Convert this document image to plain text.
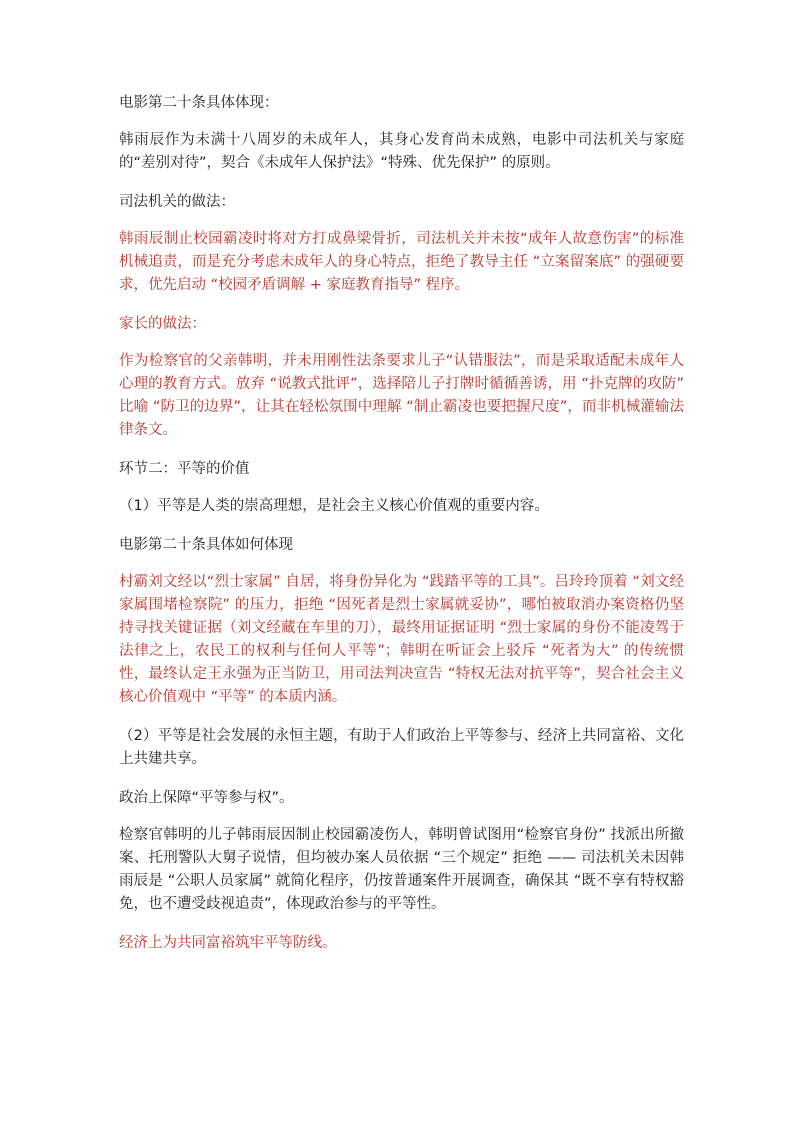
电影第二十条具体体现：

韩雨辰作为未满十八周岁的未成年人，其身心发育尚未成熟，电影中司法机关与家庭的“差别对待”，契合《未成年人保护法》“特殊、优先保护” 的原则。

司法机关的做法：

韩雨辰制止校园霸凌时将对方打成鼻梁骨折，司法机关并未按“成年人故意伤害”的标准机械追责，而是充分考虑未成年人的身心特点，拒绝了教导主任 “立案留案底” 的强硬要求，优先启动 “校园矛盾调解 + 家庭教育指导” 程序。

家长的做法：

作为检察官的父亲韩明，并未用刚性法条要求儿子“认错服法”，而是采取适配未成年人心理的教育方式。放弃 “说教式批评”，选择陪儿子打牌时循循善诱，用 “扑克牌的攻防” 比喻 “防卫的边界”，让其在轻松氛围中理解 “制止霸凌也要把握尺度”，而非机械灌输法律条文。

环节二：平等的价值

（1）平等是人类的崇高理想，是社会主义核心价值观的重要内容。

电影第二十条具体如何体现

村霸刘文经以“烈士家属” 自居，将身份异化为 “践踏平等的工具”。吕玲玲顶着 “刘文经家属围堵检察院” 的压力，拒绝 “因死者是烈士家属就妥协”，哪怕被取消办案资格仍坚持寻找关键证据（刘文经藏在车里的刀），最终用证据证明 “烈士家属的身份不能凌驾于法律之上，农民工的权利与任何人平等”；韩明在听证会上驳斥 “死者为大” 的传统惯性，最终认定王永强为正当防卫，用司法判决宣告 “特权无法对抗平等”，契合社会主义核心价值观中 “平等” 的本质内涵。

（2）平等是社会发展的永恒主题，有助于人们政治上平等参与、经济上共同富裕、文化上共建共享。

政治上保障“平等参与权”。

检察官韩明的儿子韩雨辰因制止校园霸凌伤人，韩明曾试图用“检察官身份” 找派出所撤案、托刑警队大舅子说情，但均被办案人员依据 “三个规定” 拒绝 —— 司法机关未因韩雨辰是 “公职人员家属” 就简化程序，仍按普通案件开展调查，确保其 “既不享有特权豁免，也不遭受歧视追责”，体现政治参与的平等性。

经济上为共同富裕筑牢平等防线。
